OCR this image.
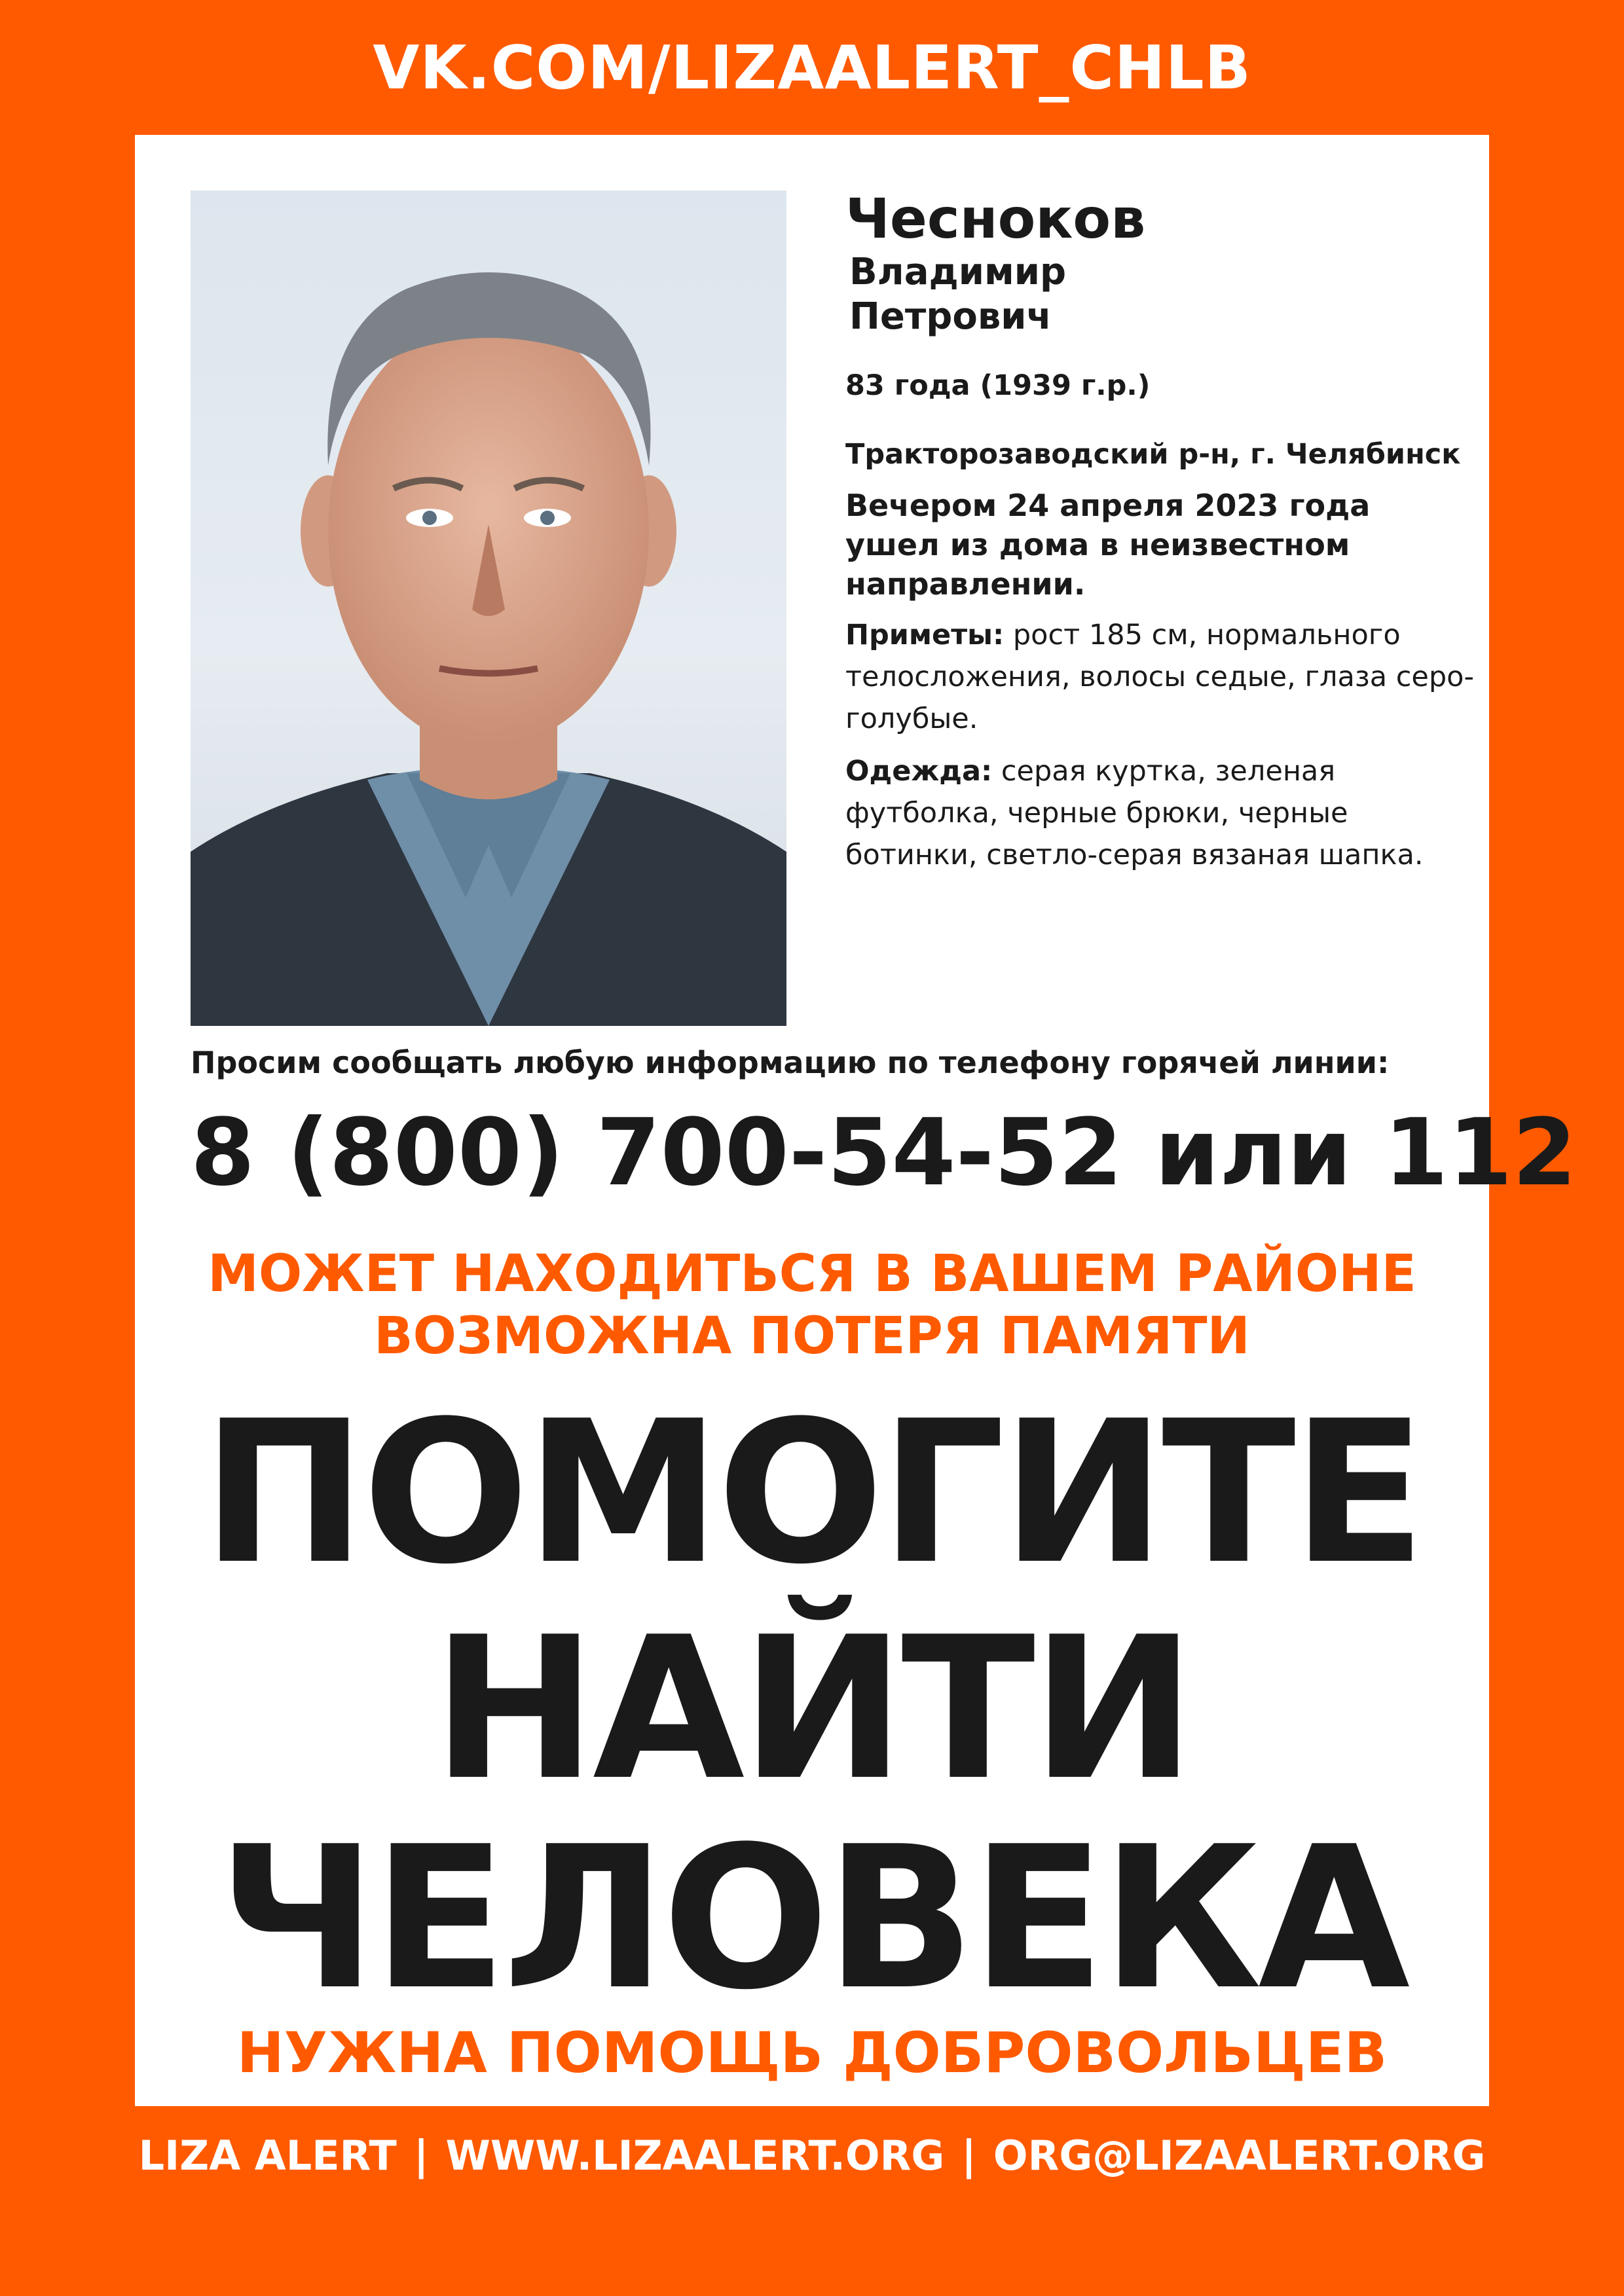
VK.COM/LIZAALERT_CHLB
Чесноков
Владимир
Петрович
83 года (1939 г.р.)
Тракторозаводский р-н, г. Челябинск
Вечером 24 апреля 2023 года ушел из дома в неизвестном направлении.
Приметы: рост 185 см, нормального телосложения, волосы седые, глаза серо-голубые.
Одежда: серая куртка, зеленая футболка, черные брюки, черные ботинки, светло-серая вязаная шапка.
Просим сообщать любую информацию по телефону горячей линии:
8 (800) 700-54-52 или 112
МОЖЕТ НАХОДИТЬСЯ В ВАШЕМ РАЙОНЕ
ВОЗМОЖНА ПОТЕРЯ ПАМЯТИ
ПОМОГИТЕ
НАЙТИ
ЧЕЛОВЕКА
НУЖНА ПОМОЩЬ ДОБРОВОЛЬЦЕВ
LIZA ALERT | WWW.LIZAALERT.ORG | ORG@LIZAALERT.ORG
